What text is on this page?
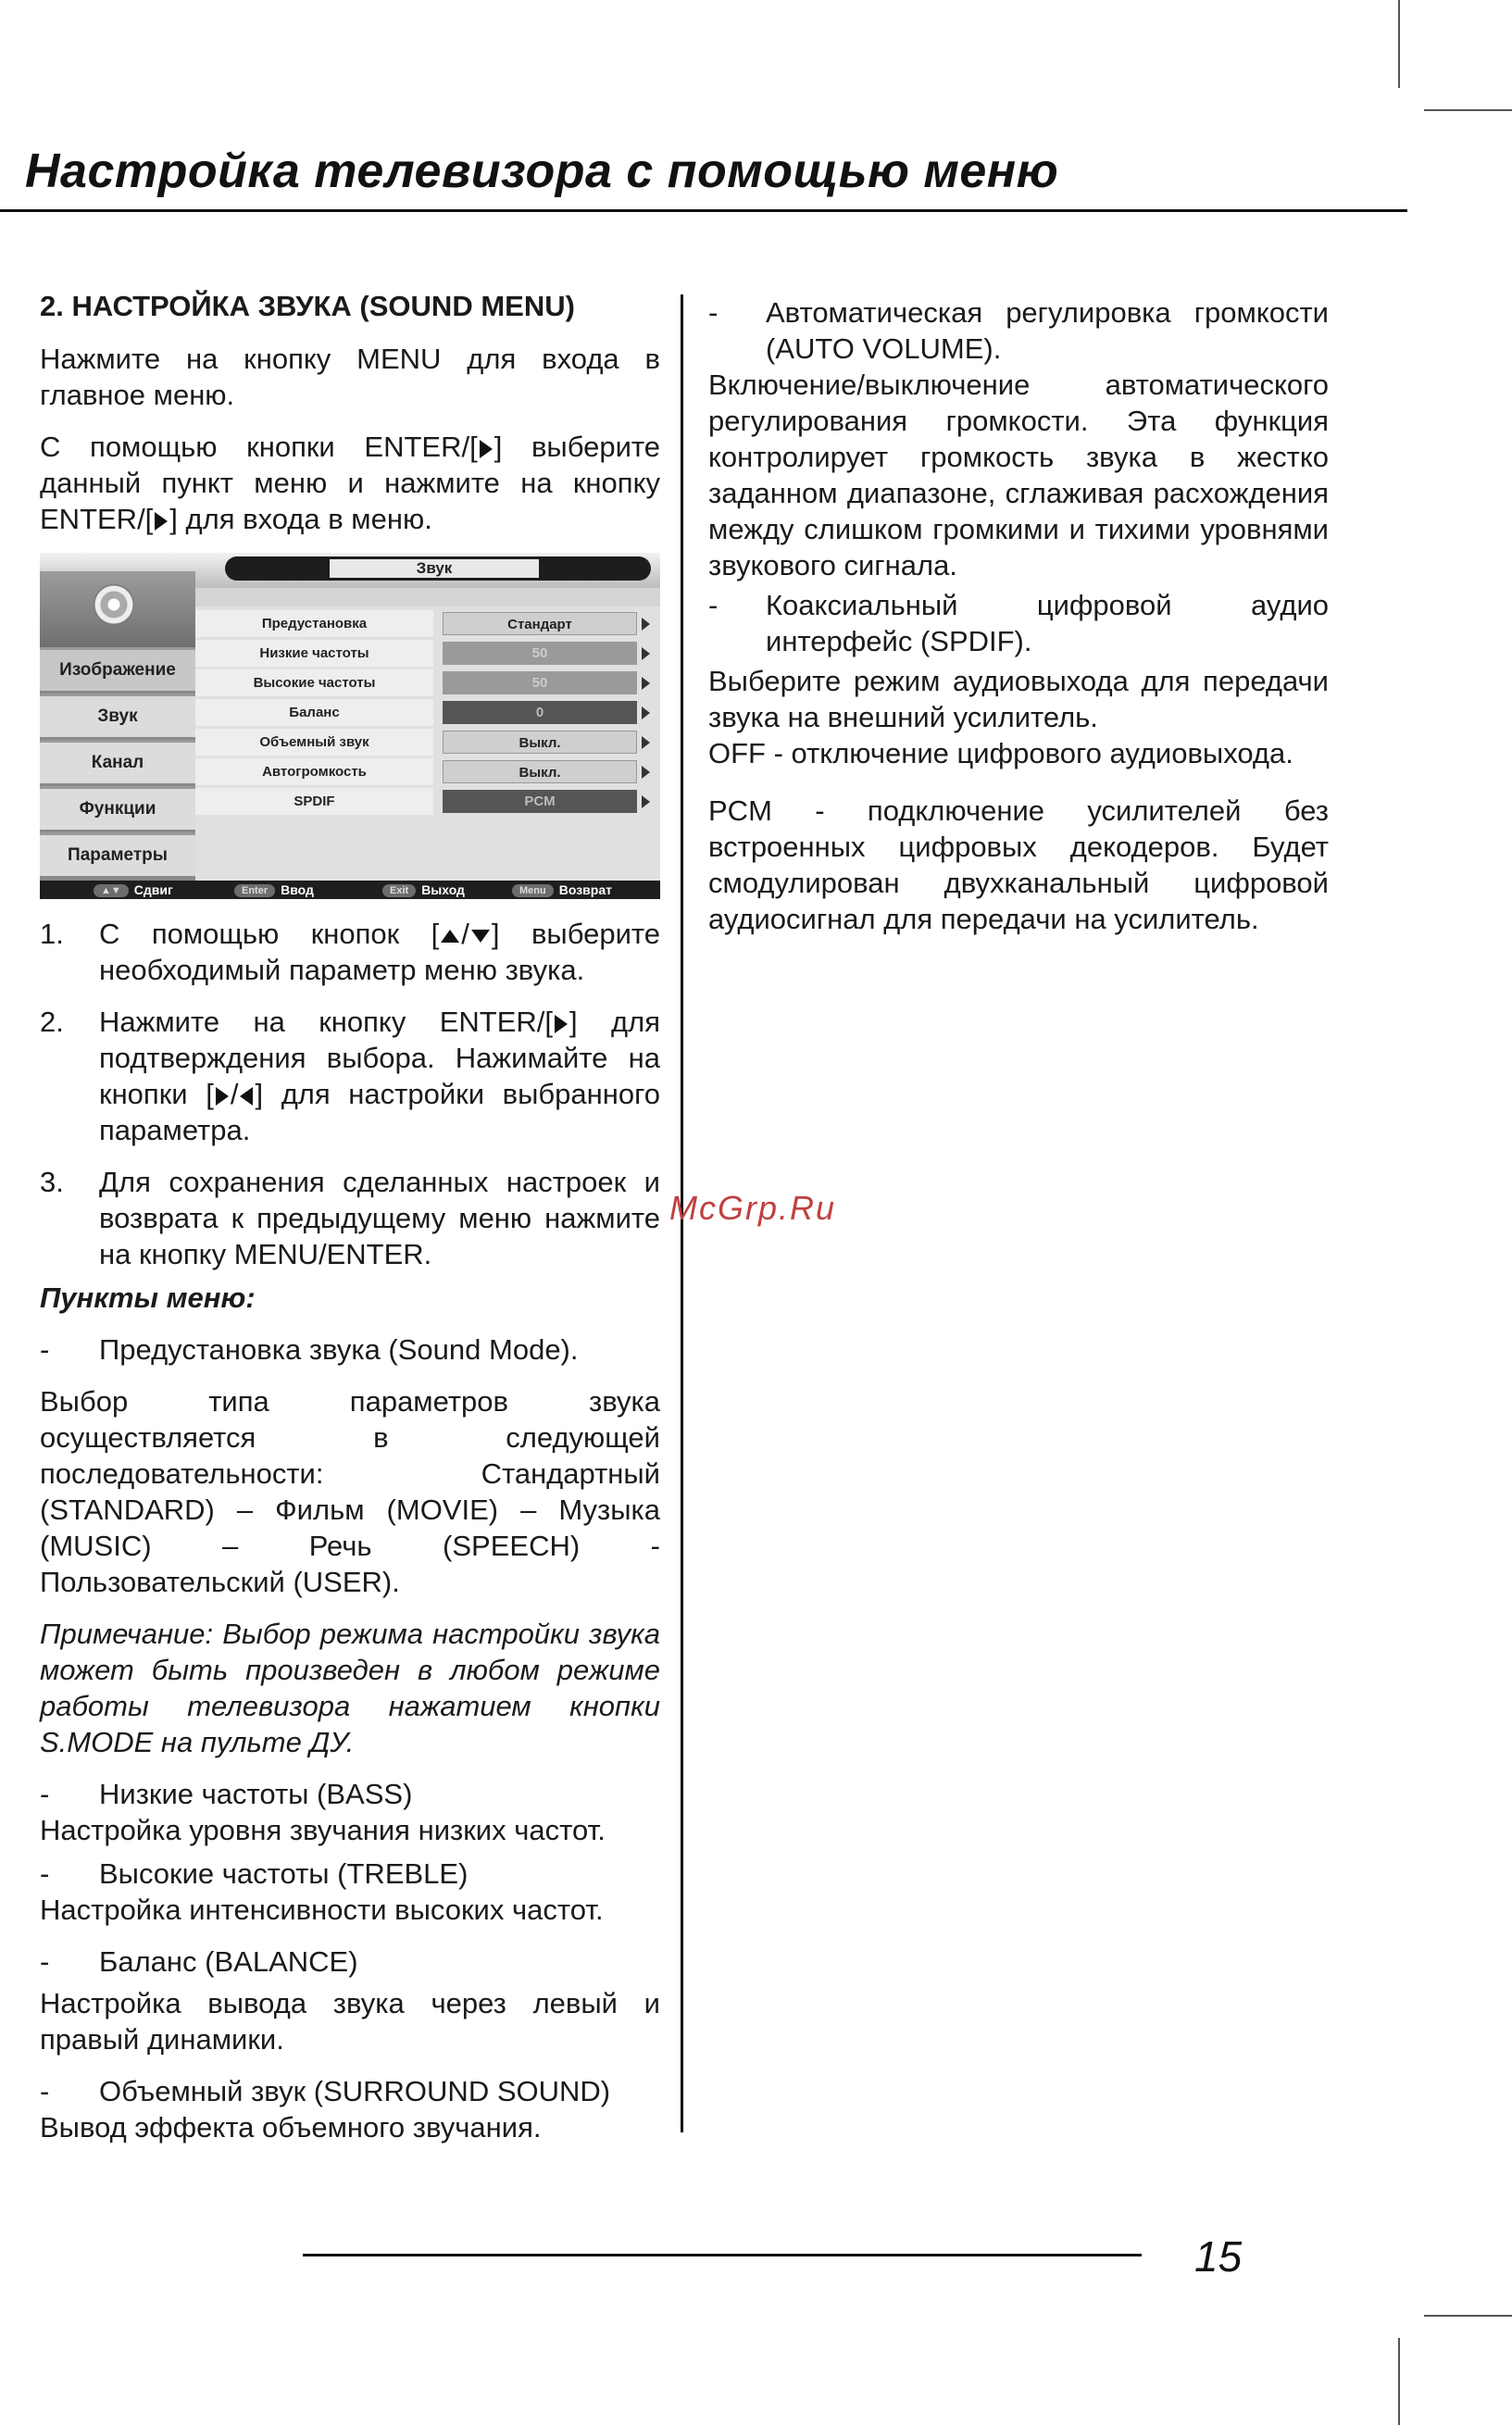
Настройка телевизора с помощью меню

2. НАСТРОЙКА ЗВУКА (SOUND MENU)

Нажмите на кнопку MENU для входа в главное меню.

С помощью кнопки ENTER/[ ] выберите данный пункт меню и нажмите на кнопку ENTER/[ ] для входа в меню.

Звук
Изображение
Звук
Канал
Функции
Параметры
Предустановка	Стандарт
Низкие частоты	50
Высокие частоты	50
Баланс	0
Объемный звук	Выкл.
Автогромкость	Выкл.
SPDIF	PCM
▲▼ Сдвиг	Enter Ввод	Exit Выход	Menu Возврат
1. С помощью кнопок [ / ] выберите необходимый параметр меню звука.
2. Нажмите на кнопку ENTER/[ ] для подтверждения выбора. Нажимайте на кнопки [ / ] для настройки выбранного параметра.
3. Для сохранения сделанных настроек и возврата к предыдущему меню нажмите на кнопку MENU/ENTER.

Пункты меню:

- Предустановка звука (Sound Mode).

Выбор типа параметров звука осуществляется в следующей последовательности: Стандартный (STANDARD) – Фильм (MOVIE) – Музыка (MUSIC) – Речь (SPEECH) - Пользовательский (USER).

Примечание: Выбор режима настройки звука может быть произведен в любом режиме работы телевизора нажатием кнопки S.MODE на пульте ДУ.

- Низкие частоты (BASS)

Настройка уровня звучания низких частот.

- Высокие частоты (TREBLE)

Настройка интенсивности высоких частот.

- Баланс (BALANCE)

Настройка вывода звука через левый и правый динамики.

- Объемный звук (SURROUND SOUND)

Вывод эффекта объемного звучания.

- Автоматическая регулировка громкости (AUTO VOLUME).

Включение/выключение автоматического регулирования громкости. Эта функция контролирует громкость звука в жестко заданном диапазоне, сглаживая расхождения между слишком громкими и тихими уровнями звукового сигнала.

- Коаксиальный цифровой аудио интерфейс (SPDIF).

Выберите режим аудиовыхода для передачи звука на внешний усилитель.

OFF - отключение цифрового аудиовыхода.

PCM - подключение усилителей без встроенных цифровых декодеров. Будет смодулирован двухканальный цифровой аудиосигнал для передачи на усилитель.

McGrp.Ru
15
